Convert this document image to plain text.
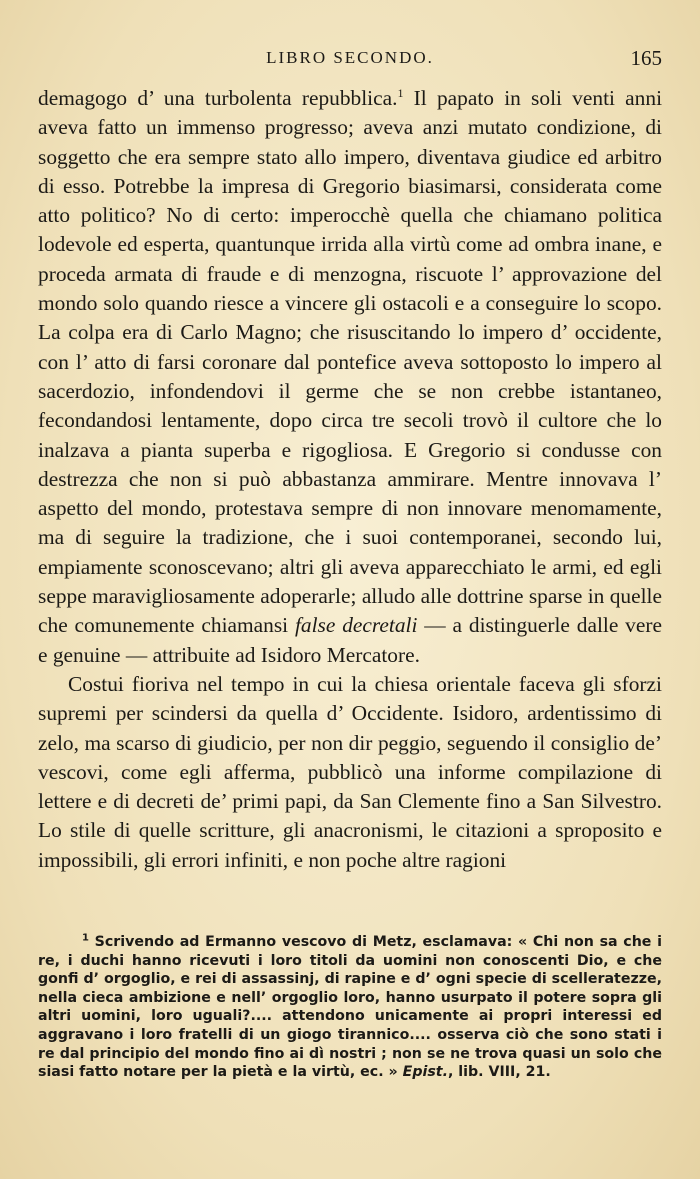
LIBRO SECONDO.	165

demagogo d’ una turbolenta repubblica.$^1$ Il papato in soli venti anni aveva fatto un immenso progresso; aveva anzi mutato condizione, di soggetto che era sempre stato allo impero, diventava giudice ed arbitro di esso. Potrebbe la impresa di Gregorio biasimarsi, considerata come atto politico? No di certo: imperocchè quella che chiamano politica lodevole ed esperta, quantunque irrida alla virtù come ad ombra inane, e proceda armata di fraude e di menzogna, riscuote l’ approvazione del mondo solo quando riesce a vincere gli ostacoli e a conseguire lo scopo. La colpa era di Carlo Magno; che risuscitando lo impero d’ occidente, con l’ atto di farsi coronare dal pontefice aveva sottoposto lo impero al sacerdozio, infondendovi il germe che se non crebbe istantaneo, fecondandosi lentamente, dopo circa tre secoli trovò il cultore che lo inalzava a pianta superba e rigogliosa. E Gregorio si condusse con destrezza che non si può abbastanza ammirare. Mentre innovava l’ aspetto del mondo, protestava sempre di non innovare menomamente, ma di seguire la tradizione, che i suoi contemporanei, secondo lui, empiamente sconoscevano; altri gli aveva apparecchiato le armi, ed egli seppe maravigliosamente adoperarle; alludo alle dottrine sparse in quelle che comunemente chiamansi false decretali — a distinguerle dalle vere e genuine — attribuite ad Isidoro Mercatore.

Costui fioriva nel tempo in cui la chiesa orientale faceva gli sforzi supremi per scindersi da quella d’ Occidente. Isidoro, ardentissimo di zelo, ma scarso di giudicio, per non dir peggio, seguendo il consiglio de’ vescovi, come egli afferma, pubblicò una informe compilazione di lettere e di decreti de’ primi papi, da San Clemente fino a San Silvestro. Lo stile di quelle scritture, gli anacronismi, le citazioni a sproposito e impossibili, gli errori infiniti, e non poche altre ragioni

$^1$ Scrivendo ad Ermanno vescovo di Metz, esclamava: « Chi non sa che i re, i duchi hanno ricevuti i loro titoli da uomini non conoscenti Dio, e che gonfi d’ orgoglio, e rei di assassinj, di rapine e d’ ogni specie di scelleratezze, nella cieca ambizione e nell’ orgoglio loro, hanno usurpato il potere sopra gli altri uomini, loro uguali?.... attendono unicamente ai propri interessi ed aggravano i loro fratelli di un giogo tirannico.... osserva ciò che sono stati i re dal principio del mondo fino ai dì nostri ; non se ne trova quasi un solo che siasi fatto notare per la pietà e la virtù, ec. » Epist., lib. VIII, 21.
